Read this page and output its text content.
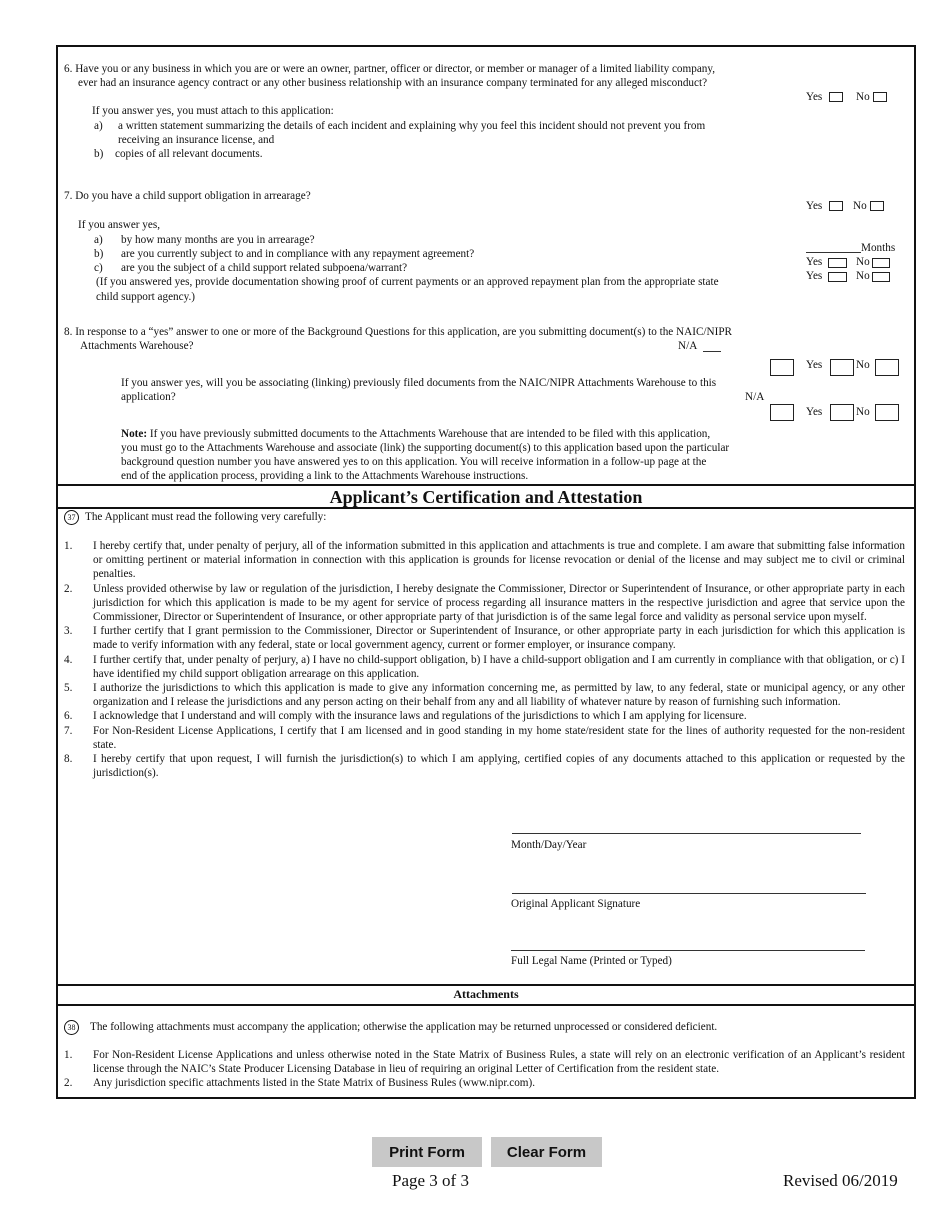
6. Have you or any business in which you are or were an owner, partner, officer or director, or member or manager of a limited liability company,
ever had an insurance agency contract or any other business relationship with an insurance company terminated for any alleged misconduct?
Yes	No
If you answer yes, you must attach to this application:
a) a written statement summarizing the details of each incident and explaining why you feel this incident should not prevent you from
receiving an insurance license, and
b) copies of all relevant documents.
7. Do you have a child support obligation in arrearage?
Yes	No
If you answer yes,
a) by how many months are you in arrearage?
b) are you currently subject to and in compliance with any repayment agreement?
c) are you the subject of a child support related subpoena/warrant?
(If you answered yes, provide documentation showing proof of current payments or an approved repayment plan from the appropriate state
child support agency.)
Months
Yes	No
Yes	No
8. In response to a “yes” answer to one or more of the Background Questions for this application, are you submitting document(s) to the NAIC/NIPR
Attachments Warehouse?	N/A
Yes	No
If you answer yes, will you be associating (linking) previously filed documents from the NAIC/NIPR Attachments Warehouse to this
application?	N/A
Yes	No
Note: If you have previously submitted documents to the Attachments Warehouse that are intended to be filed with this application,
you must go to the Attachments Warehouse and associate (link) the supporting document(s) to this application based upon the particular
background question number you have answered yes to on this application. You will receive information in a follow-up page at the
end of the application process, providing a link to the Attachments Warehouse instructions.
Applicant’s Certification and Attestation
37 The Applicant must read the following very carefully:
1. I hereby certify that, under penalty of perjury, all of the information submitted in this application and attachments is true and complete. I am aware that submitting false information or omitting pertinent or material information in connection with this application is grounds for license revocation or denial of the license and may subject me to civil or criminal penalties.
2. Unless provided otherwise by law or regulation of the jurisdiction, I hereby designate the Commissioner, Director or Superintendent of Insurance, or other appropriate party in each jurisdiction for which this application is made to be my agent for service of process regarding all insurance matters in the respective jurisdiction and agree that service upon the Commissioner, Director or Superintendent of Insurance, or other appropriate party of that jurisdiction is of the same legal force and validity as personal service upon myself.
3. I further certify that I grant permission to the Commissioner, Director or Superintendent of Insurance, or other appropriate party in each jurisdiction for which this application is made to verify information with any federal, state or local government agency, current or former employer, or insurance company.
4. I further certify that, under penalty of perjury, a) I have no child-support obligation, b) I have a child-support obligation and I am currently in compliance with that obligation, or c) I have identified my child support obligation arrearage on this application.
5. I authorize the jurisdictions to which this application is made to give any information concerning me, as permitted by law, to any federal, state or municipal agency, or any other organization and I release the jurisdictions and any person acting on their behalf from any and all liability of whatever nature by reason of furnishing such information.
6. I acknowledge that I understand and will comply with the insurance laws and regulations of the jurisdictions to which I am applying for licensure.
7. For Non-Resident License Applications, I certify that I am licensed and in good standing in my home state/resident state for the lines of authority requested for the non-resident state.
8. I hereby certify that upon request, I will furnish the jurisdiction(s) to which I am applying, certified copies of any documents attached to this application or requested by the jurisdiction(s).
Month/Day/Year
Original Applicant Signature
Full Legal Name (Printed or Typed)
Attachments
38 The following attachments must accompany the application; otherwise the application may be returned unprocessed or considered deficient.
1. For Non-Resident License Applications and unless otherwise noted in the State Matrix of Business Rules, a state will rely on an electronic verification of an Applicant’s resident license through the NAIC’s State Producer Licensing Database in lieu of requiring an original Letter of Certification from the resident state.
2. Any jurisdiction specific attachments listed in the State Matrix of Business Rules (www.nipr.com).
Print Form	Clear Form
Page 3 of 3	Revised 06/2019
